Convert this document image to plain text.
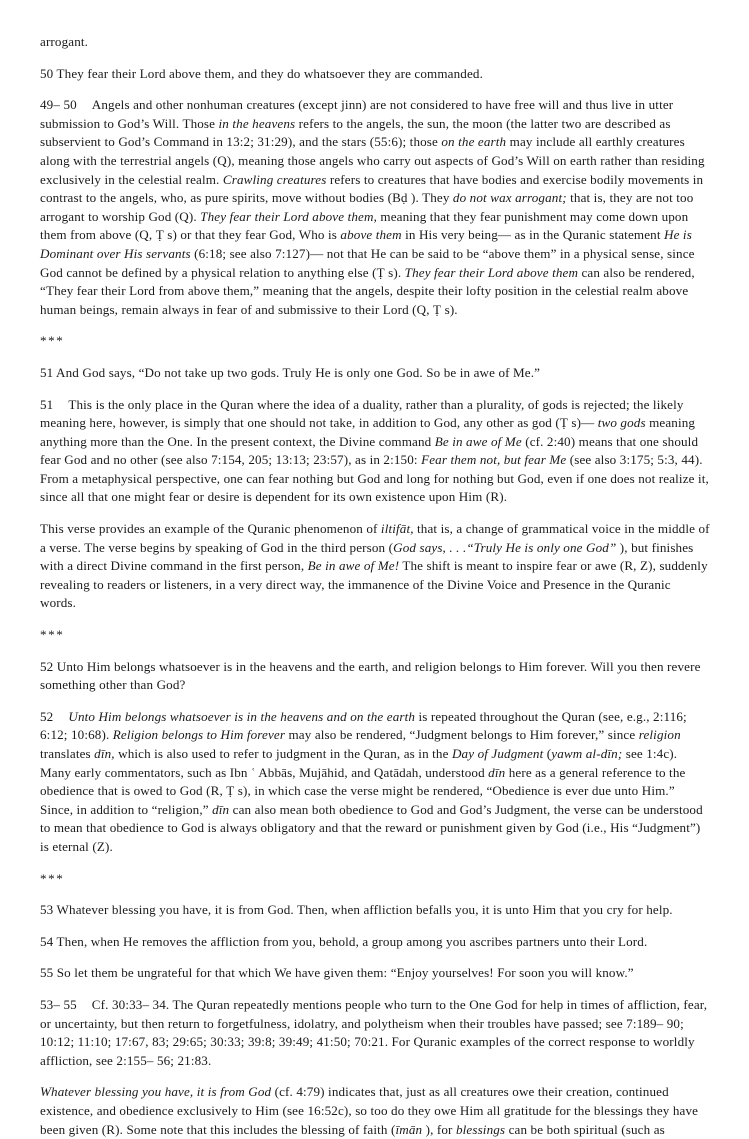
arrogant.
50 They fear their Lord above them, and they do whatsoever they are commanded.
49– 50 Angels and other nonhuman creatures (except jinn) are not considered to have free will and thus live in utter submission to God’s Will. Those in the heavens refers to the angels, the sun, the moon (the latter two are described as subservient to God’s Command in 13:2; 31:29), and the stars (55:6); those on the earth may include all earthly creatures along with the terrestrial angels (Q), meaning those angels who carry out aspects of God’s Will on earth rather than residing exclusively in the celestial realm. Crawling creatures refers to creatures that have bodies and exercise bodily movements in contrast to the angels, who, as pure spirits, move without bodies (Bḍ ). They do not wax arrogant; that is, they are not too arrogant to worship God (Q). They fear their Lord above them, meaning that they fear punishment may come down upon them from above (Q, Ṭ s) or that they fear God, Who is above them in His very being— as in the Quranic statement He is Dominant over His servants (6:18; see also 7:127)— not that He can be said to be “above them” in a physical sense, since God cannot be defined by a physical relation to anything else (Ṭ s). They fear their Lord above them can also be rendered, “They fear their Lord from above them,” meaning that the angels, despite their lofty position in the celestial realm above human beings, remain always in fear of and submissive to their Lord (Q, Ṭ s).
***
51 And God says, “Do not take up two gods. Truly He is only one God. So be in awe of Me.”
51 This is the only place in the Quran where the idea of a duality, rather than a plurality, of gods is rejected; the likely meaning here, however, is simply that one should not take, in addition to God, any other as god (Ṭ s)— two gods meaning anything more than the One. In the present context, the Divine command Be in awe of Me (cf. 2:40) means that one should fear God and no other (see also 7:154, 205; 13:13; 23:57), as in 2:150: Fear them not, but fear Me (see also 3:175; 5:3, 44). From a metaphysical perspective, one can fear nothing but God and long for nothing but God, even if one does not realize it, since all that one might fear or desire is dependent for its own existence upon Him (R).
This verse provides an example of the Quranic phenomenon of iltifāt, that is, a change of grammatical voice in the middle of a verse. The verse begins by speaking of God in the third person (God says, . . .“Truly He is only one God” ), but finishes with a direct Divine command in the first person, Be in awe of Me! The shift is meant to inspire fear or awe (R, Z), suddenly revealing to readers or listeners, in a very direct way, the immanence of the Divine Voice and Presence in the Quranic words.
***
52 Unto Him belongs whatsoever is in the heavens and the earth, and religion belongs to Him forever. Will you then revere something other than God?
52 Unto Him belongs whatsoever is in the heavens and on the earth is repeated throughout the Quran (see, e.g., 2:116; 6:12; 10:68). Religion belongs to Him forever may also be rendered, “Judgment belongs to Him forever,” since religion translates dīn, which is also used to refer to judgment in the Quran, as in the Day of Judgment (yawm al-dīn; see 1:4c). Many early commentators, such as Ibn ʿ Abbās, Mujāhid, and Qatādah, understood dīn here as a general reference to the obedience that is owed to God (R, Ṭ s), in which case the verse might be rendered, “Obedience is ever due unto Him.” Since, in addition to “religion,” dīn can also mean both obedience to God and God’s Judgment, the verse can be understood to mean that obedience to God is always obligatory and that the reward or punishment given by God (i.e., His “Judgment”) is eternal (Z).
***
53 Whatever blessing you have, it is from God. Then, when affliction befalls you, it is unto Him that you cry for help.
54 Then, when He removes the affliction from you, behold, a group among you ascribes partners unto their Lord.
55 So let them be ungrateful for that which We have given them: “Enjoy yourselves! For soon you will know.”
53– 55 Cf. 30:33– 34. The Quran repeatedly mentions people who turn to the One God for help in times of affliction, fear, or uncertainty, but then return to forgetfulness, idolatry, and polytheism when their troubles have passed; see 7:189– 90; 10:12; 11:10; 17:67, 83; 29:65; 30:33; 39:8; 39:49; 41:50; 70:21. For Quranic examples of the correct response to worldly affliction, see 2:155– 56; 21:83.
Whatever blessing you have, it is from God (cf. 4:79) indicates that, just as all creatures owe their creation, continued existence, and obedience exclusively to Him (see 16:52c), so too do they owe Him all gratitude for the blessings they have been given (R). Some note that this includes the blessing of faith (īmān ), for blessings can be both spiritual (such as
